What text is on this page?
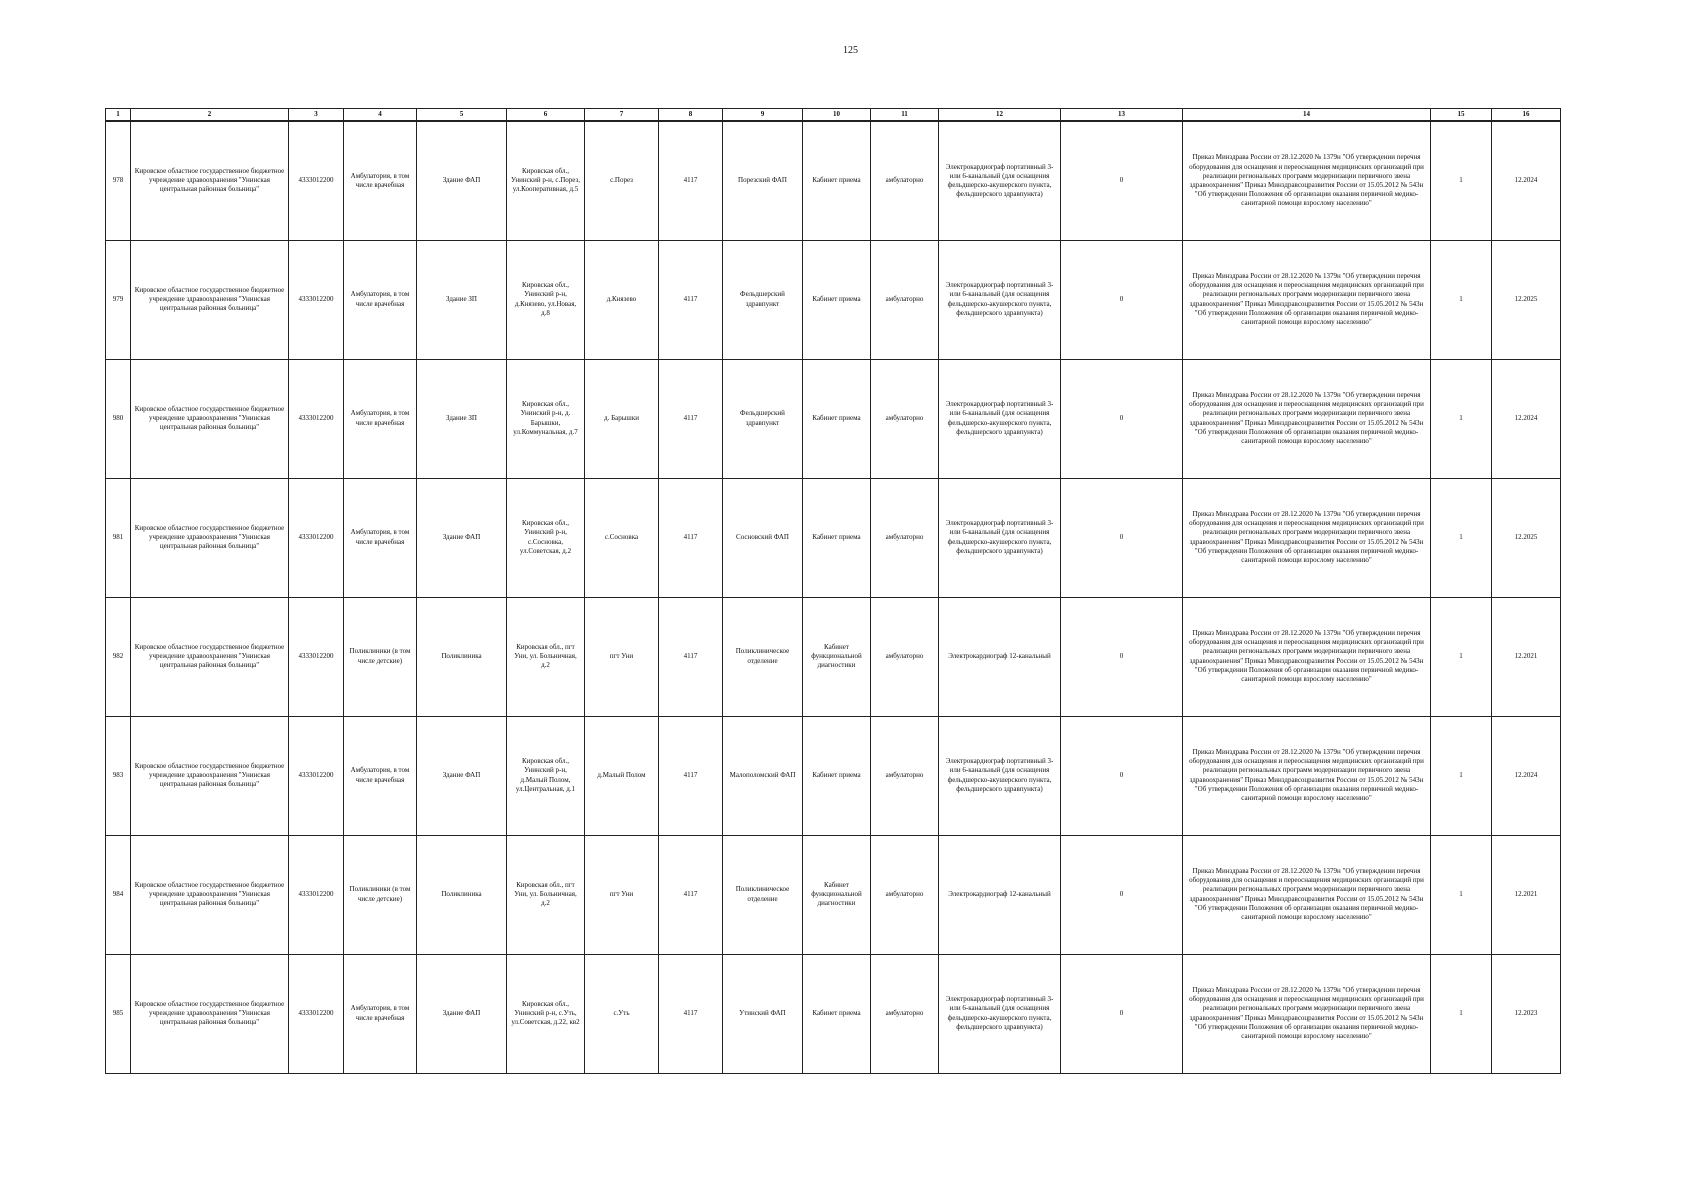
125
1	2	3	4	5	6	7	8	9	10	11	12	13	14	15	16
978	Кировское областное государственное бюджетное учреждение здравоохранения "Унинская центральная районная больница"	4333012200	Амбулатория, в том числе врачебная	Здание ФАП	Кировская обл., Унинский р-н, с.Порез, ул.Кооперативная, д.5	с.Порез	4117	Порезский ФАП	Кабинет приема	амбулаторно	Электрокардиограф портативный 3- или 6-канальный (для оснащения фельдшерско-акушерского пункта, фельдшерского здравпункта)	0	Приказ Минздрава России от 28.12.2020 № 1379н "Об утверждении перечня оборудования для оснащения и переоснащения медицинских организаций при реализации региональных программ модернизации первичного звена здравоохранения" Приказ Минздравсоцразвития России от 15.05.2012 № 543н "Об утверждении Положения об организации оказания первичной медико-санитарной помощи взрослому населению"	1	12.2024
979	Кировское областное государственное бюджетное учреждение здравоохранения "Унинская центральная районная больница"	4333012200	Амбулатория, в том числе врачебная	Здание ЗП	Кировская обл., Унинский р-н, д.Князево, ул.Новая, д.8	д.Князево	4117	Фельдшерский здравпункт	Кабинет приема	амбулаторно	Электрокардиограф портативный 3- или 6-канальный (для оснащения фельдшерско-акушерского пункта, фельдшерского здравпункта)	0	Приказ Минздрава России от 28.12.2020 № 1379н "Об утверждении перечня оборудования для оснащения и переоснащения медицинских организаций при реализации региональных программ модернизации первичного звена здравоохранения" Приказ Минздравсоцразвития России от 15.05.2012 № 543н "Об утверждении Положения об организации оказания первичной медико-санитарной помощи взрослому населению"	1	12.2025
980	Кировское областное государственное бюджетное учреждение здравоохранения "Унинская центральная районная больница"	4333012200	Амбулатория, в том числе врачебная	Здание ЗП	Кировская обл., Унинский р-н, д. Барышки, ул.Коммунальная, д.7	д. Барышки	4117	Фельдшерский здравпункт	Кабинет приема	амбулаторно	Электрокардиограф портативный 3- или 6-канальный (для оснащения фельдшерско-акушерского пункта, фельдшерского здравпункта)	0	Приказ Минздрава России от 28.12.2020 № 1379н "Об утверждении перечня оборудования для оснащения и переоснащения медицинских организаций при реализации региональных программ модернизации первичного звена здравоохранения" Приказ Минздравсоцразвития России от 15.05.2012 № 543н "Об утверждении Положения об организации оказания первичной медико-санитарной помощи взрослому населению"	1	12.2024
981	Кировское областное государственное бюджетное учреждение здравоохранения "Унинская центральная районная больница"	4333012200	Амбулатория, в том числе врачебная	Здание ФАП	Кировская обл., Унинский р-н, с.Сосновка, ул.Советская, д.2	с.Сосновка	4117	Сосновский ФАП	Кабинет приема	амбулаторно	Электрокардиограф портативный 3- или 6-канальный (для оснащения фельдшерско-акушерского пункта, фельдшерского здравпункта)	0	Приказ Минздрава России от 28.12.2020 № 1379н "Об утверждении перечня оборудования для оснащения и переоснащения медицинских организаций при реализации региональных программ модернизации первичного звена здравоохранения" Приказ Минздравсоцразвития России от 15.05.2012 № 543н "Об утверждении Положения об организации оказания первичной медико-санитарной помощи взрослому населению"	1	12.2025
982	Кировское областное государственное бюджетное учреждение здравоохранения "Унинская центральная районная больница"	4333012200	Поликлиники (в том числе детские)	Поликлиника	Кировская обл., пгт Уни, ул. Больничная, д.2	пгт Уни	4117	Поликлиническое отделение	Кабинет функциональной диагностики	амбулаторно	Электрокардиограф 12-канальный	0	Приказ Минздрава России от 28.12.2020 № 1379н "Об утверждении перечня оборудования для оснащения и переоснащения медицинских организаций при реализации региональных программ модернизации первичного звена здравоохранения" Приказ Минздравсоцразвития России от 15.05.2012 № 543н "Об утверждении Положения об организации оказания первичной медико-санитарной помощи взрослому населению"	1	12.2021
983	Кировское областное государственное бюджетное учреждение здравоохранения "Унинская центральная районная больница"	4333012200	Амбулатория, в том числе врачебная	Здание ФАП	Кировская обл., Унинский р-н, д.Малый Полом, ул.Центральная, д.1	д.Малый Полом	4117	Малополомский ФАП	Кабинет приема	амбулаторно	Электрокардиограф портативный 3- или 6-канальный (для оснащения фельдшерско-акушерского пункта, фельдшерского здравпункта)	0	Приказ Минздрава России от 28.12.2020 № 1379н "Об утверждении перечня оборудования для оснащения и переоснащения медицинских организаций при реализации региональных программ модернизации первичного звена здравоохранения" Приказ Минздравсоцразвития России от 15.05.2012 № 543н "Об утверждении Положения об организации оказания первичной медико-санитарной помощи взрослому населению"	1	12.2024
984	Кировское областное государственное бюджетное учреждение здравоохранения "Унинская центральная районная больница"	4333012200	Поликлиники (в том числе детские)	Поликлиника	Кировская обл., пгт Уни, ул. Больничная, д.2	пгт Уни	4117	Поликлиническое отделение	Кабинет функциональной диагностики	амбулаторно	Электрокардиограф 12-канальный	0	Приказ Минздрава России от 28.12.2020 № 1379н "Об утверждении перечня оборудования для оснащения и переоснащения медицинских организаций при реализации региональных программ модернизации первичного звена здравоохранения" Приказ Минздравсоцразвития России от 15.05.2012 № 543н "Об утверждении Положения об организации оказания первичной медико-санитарной помощи взрослому населению"	1	12.2021
985	Кировское областное государственное бюджетное учреждение здравоохранения "Унинская центральная районная больница"	4333012200	Амбулатория, в том числе врачебная	Здание ФАП	Кировская обл., Унинский р-н, с.Уть, ул.Советская, д.22, кв2	с.Уть	4117	Утинский ФАП	Кабинет приема	амбулаторно	Электрокардиограф портативный 3- или 6-канальный (для оснащения фельдшерско-акушерского пункта, фельдшерского здравпункта)	0	Приказ Минздрава России от 28.12.2020 № 1379н "Об утверждении перечня оборудования для оснащения и переоснащения медицинских организаций при реализации региональных программ модернизации первичного звена здравоохранения" Приказ Минздравсоцразвития России от 15.05.2012 № 543н "Об утверждении Положения об организации оказания первичной медико-санитарной помощи взрослому населению"	1	12.2023
